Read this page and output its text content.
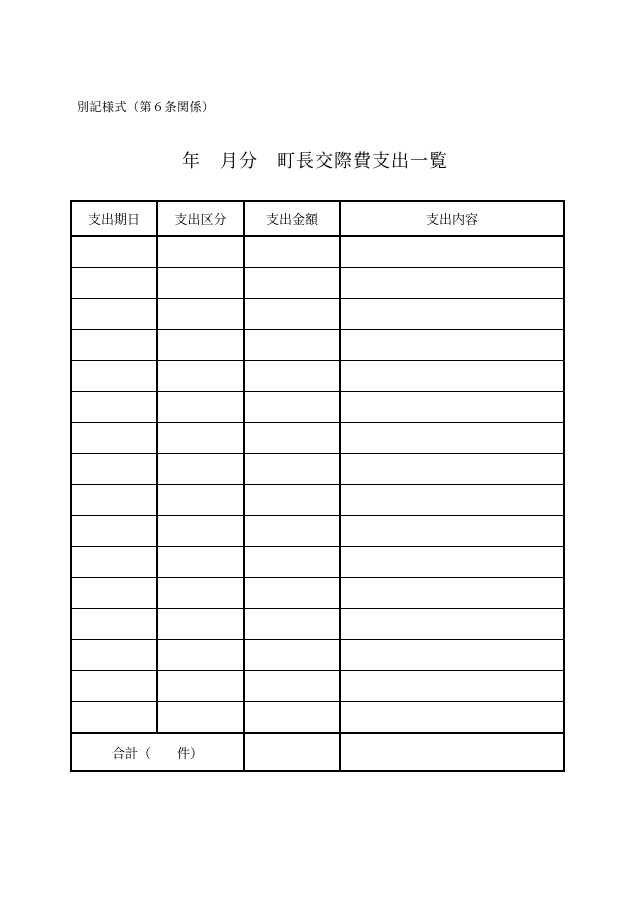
別記様式（第６条関係）
年　月分　町長交際費支出一覧
支出期日	支出区分	支出金額	支出内容

合計（　　件）			
